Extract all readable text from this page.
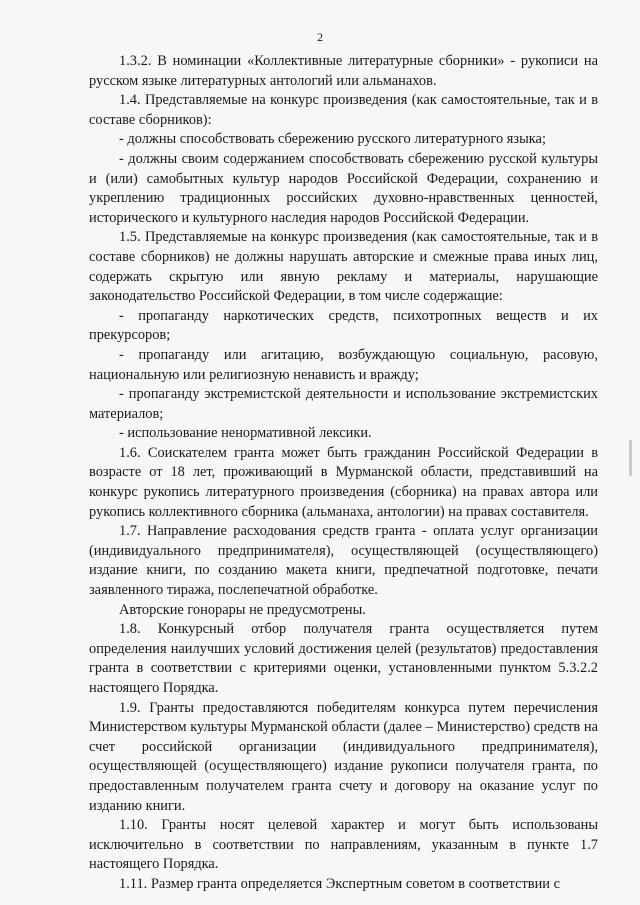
2

1.3.2. В номинации «Коллективные литературные сборники» - рукописи на русском языке литературных антологий или альманахов.

1.4. Представляемые на конкурс произведения (как самостоятельные, так и в составе сборников):

- должны способствовать сбережению русского литературного языка;

- должны своим содержанием способствовать сбережению русской культуры и (или) самобытных культур народов Российской Федерации, сохранению и укреплению традиционных российских духовно-нравственных ценностей, исторического и культурного наследия народов Российской Федерации.

1.5. Представляемые на конкурс произведения (как самостоятельные, так и в составе сборников) не должны нарушать авторские и смежные права иных лиц, содержать скрытую или явную рекламу и материалы, нарушающие законодательство Российской Федерации, в том числе содержащие:

- пропаганду наркотических средств, психотропных веществ и их прекурсоров;

- пропаганду или агитацию, возбуждающую социальную, расовую, национальную или религиозную ненависть и вражду;

- пропаганду экстремистской деятельности и использование экстремистских материалов;

- использование ненормативной лексики.

1.6. Соискателем гранта может быть гражданин Российской Федерации в возрасте от 18 лет, проживающий в Мурманской области, представивший на конкурс рукопись литературного произведения (сборника) на правах автора или рукопись коллективного сборника (альманаха, антологии) на правах составителя.

1.7. Направление расходования средств гранта - оплата услуг организации (индивидуального предпринимателя), осуществляющей (осуществляющего) издание книги, по созданию макета книги, предпечатной подготовке, печати заявленного тиража, послепечатной обработке.

Авторские гонорары не предусмотрены.

1.8. Конкурсный отбор получателя гранта осуществляется путем определения наилучших условий достижения целей (результатов) предоставления гранта в соответствии с критериями оценки, установленными пунктом 5.3.2.2 настоящего Порядка.

1.9. Гранты предоставляются победителям конкурса путем перечисления Министерством культуры Мурманской области (далее – Министерство) средств на счет российской организации (индивидуального предпринимателя), осуществляющей (осуществляющего) издание рукописи получателя гранта, по предоставленным получателем гранта счету и договору на оказание услуг по изданию книги.

1.10. Гранты носят целевой характер и могут быть использованы исключительно в соответствии по направлениям, указанным в пункте 1.7 настоящего Порядка.

1.11. Размер гранта определяется Экспертным советом в соответствии с
